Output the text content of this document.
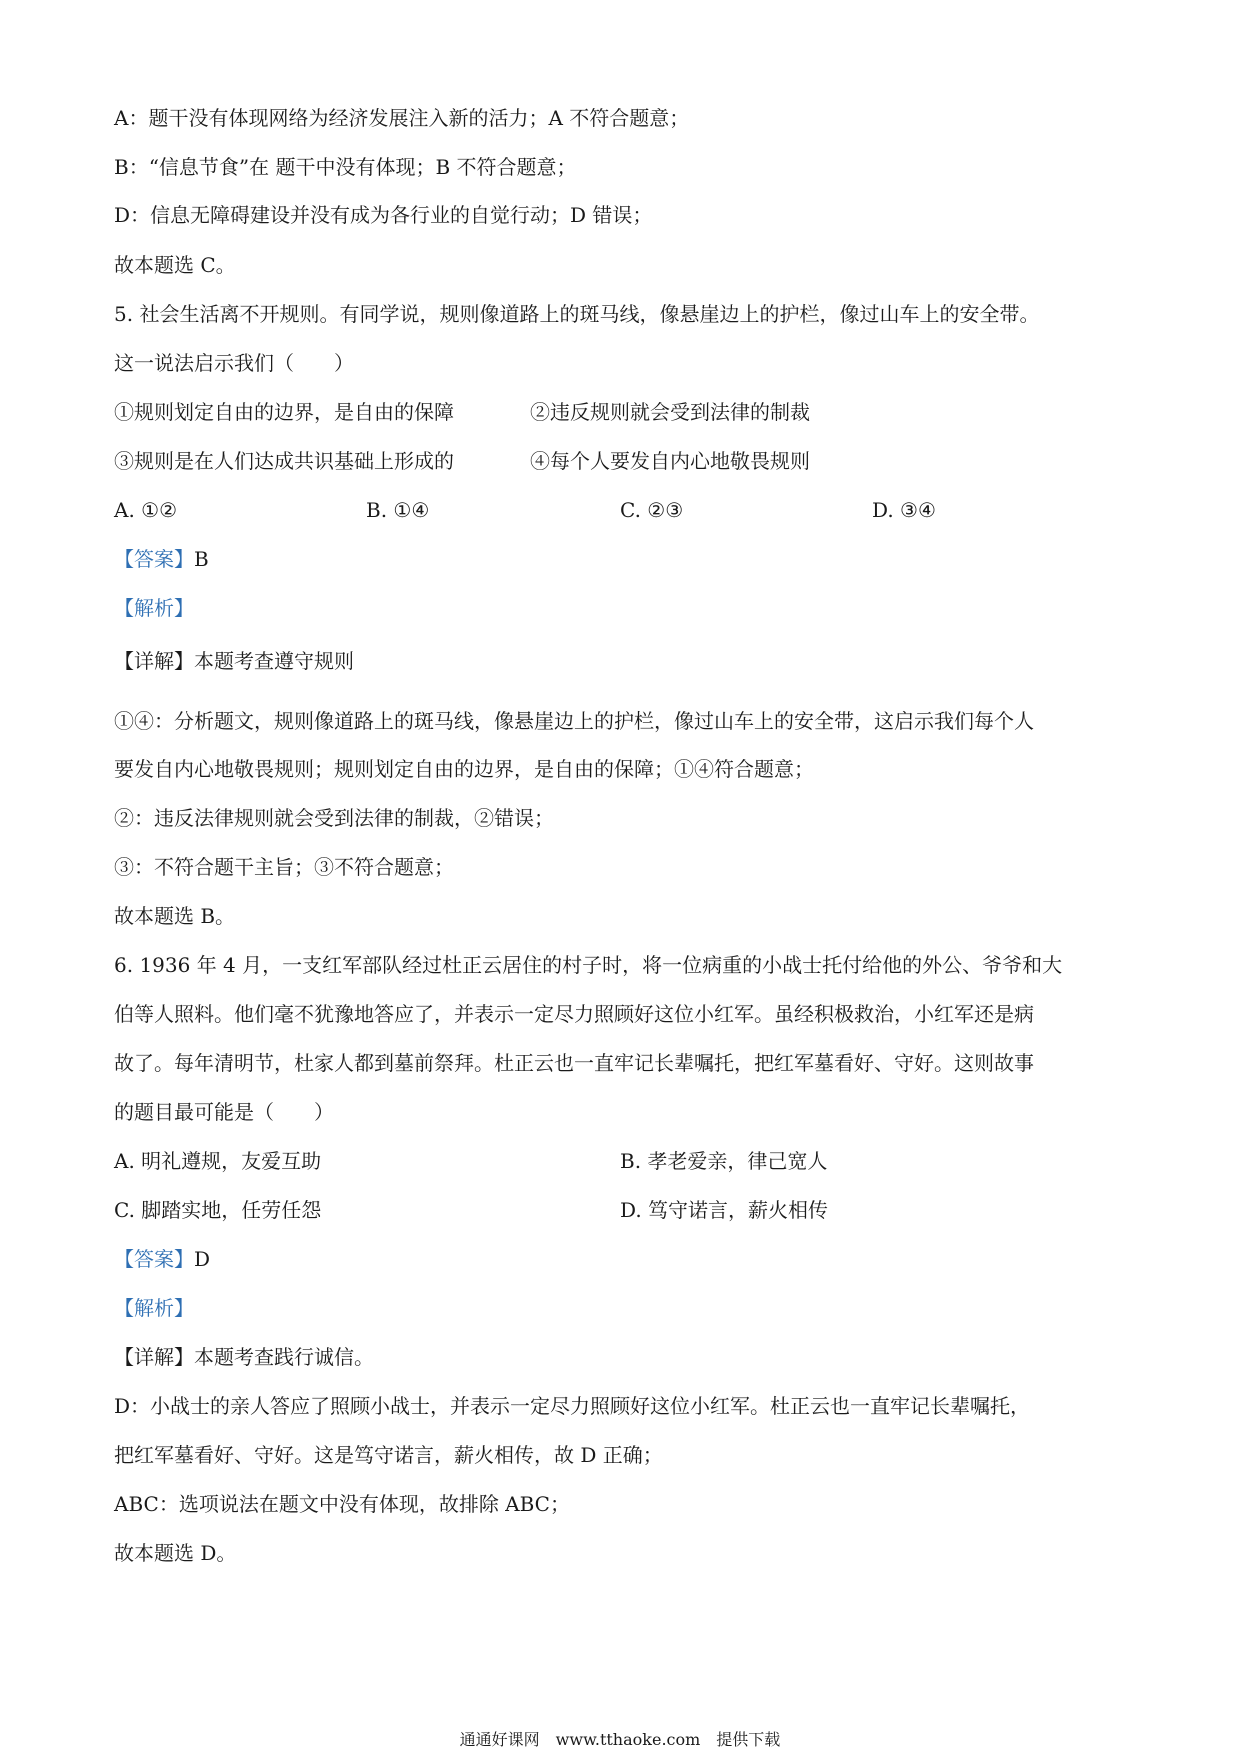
A：题干没有体现网络为经济发展注入新的活力；A 不符合题意；

B：“信息节食”在 题干中没有体现；B 不符合题意；

D：信息无障碍建设并没有成为各行业的自觉行动；D 错误；

故本题选 C。

5. 社会生活离不开规则。有同学说，规则像道路上的斑马线，像悬崖边上的护栏，像过山车上的安全带。

这一说法启示我们（　　）

①规则划定自由的边界，是自由的保障	②违反规则就会受到法律的制裁

③规则是在人们达成共识基础上形成的	④每个人要发自内心地敬畏规则

A. ①②	B. ①④	C. ②③	D. ③④

【答案】B

【解析】

【详解】本题考查遵守规则

①④：分析题文，规则像道路上的斑马线，像悬崖边上的护栏，像过山车上的安全带，这启示我们每个人

要发自内心地敬畏规则；规则划定自由的边界，是自由的保障；①④符合题意；

②：违反法律规则就会受到法律的制裁，②错误；

③：不符合题干主旨；③不符合题意；

故本题选 B。

6. 1936 年 4 月，一支红军部队经过杜正云居住的村子时，将一位病重的小战士托付给他的外公、爷爷和大

伯等人照料。他们毫不犹豫地答应了，并表示一定尽力照顾好这位小红军。虽经积极救治，小红军还是病

故了。每年清明节，杜家人都到墓前祭拜。杜正云也一直牢记长辈嘱托，把红军墓看好、守好。这则故事

的题目最可能是（　　）

A. 明礼遵规，友爱互助	B. 孝老爱亲，律己宽人

C. 脚踏实地，任劳任怨	D. 笃守诺言，薪火相传

【答案】D

【解析】

【详解】本题考查践行诚信。

D：小战士的亲人答应了照顾小战士，并表示一定尽力照顾好这位小红军。杜正云也一直牢记长辈嘱托，

把红军墓看好、守好。这是笃守诺言，薪火相传，故 D 正确；

ABC：选项说法在题文中没有体现，故排除 ABC；

故本题选 D。

通通好课网　www.tthaoke.com　提供下载
